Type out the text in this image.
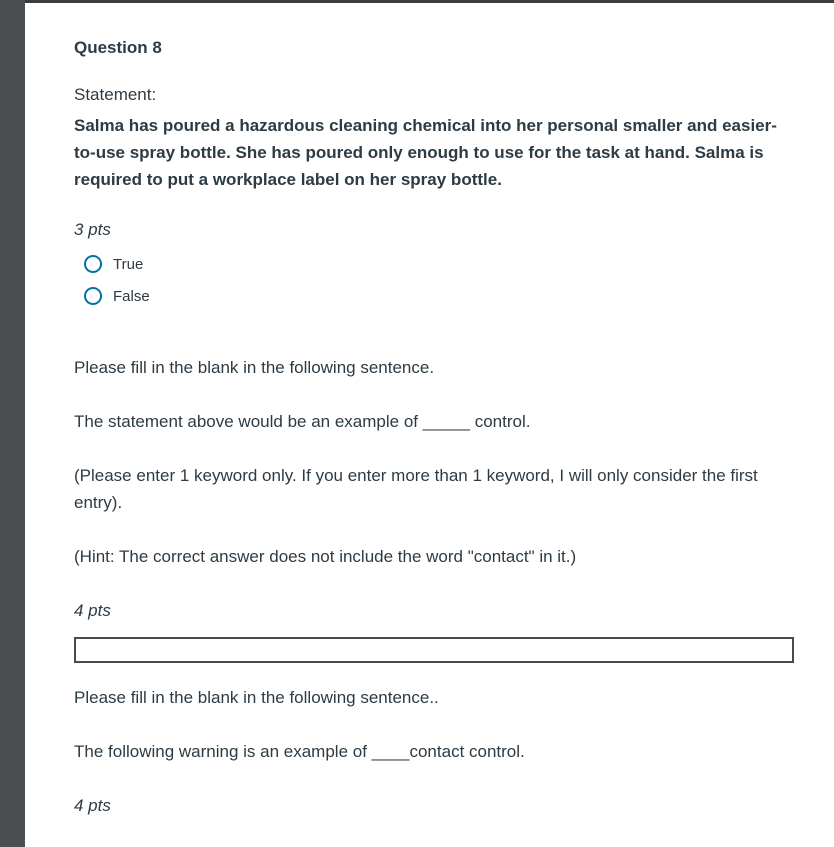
Question 8
Statement:
Salma has poured a hazardous cleaning chemical into her personal smaller and easier-to-use spray bottle. She has poured only enough to use for the task at hand. Salma is required to put a workplace label on her spray bottle.
3 pts
True
False
Please fill in the blank in the following sentence.
The statement above would be an example of _____ control.
(Please enter 1 keyword only. If you enter more than 1 keyword, I will only consider the first entry).
(Hint: The correct answer does not include the word "contact" in it.)
4 pts
Please fill in the blank in the following sentence..
The following warning is an example of ____contact control.
4 pts
